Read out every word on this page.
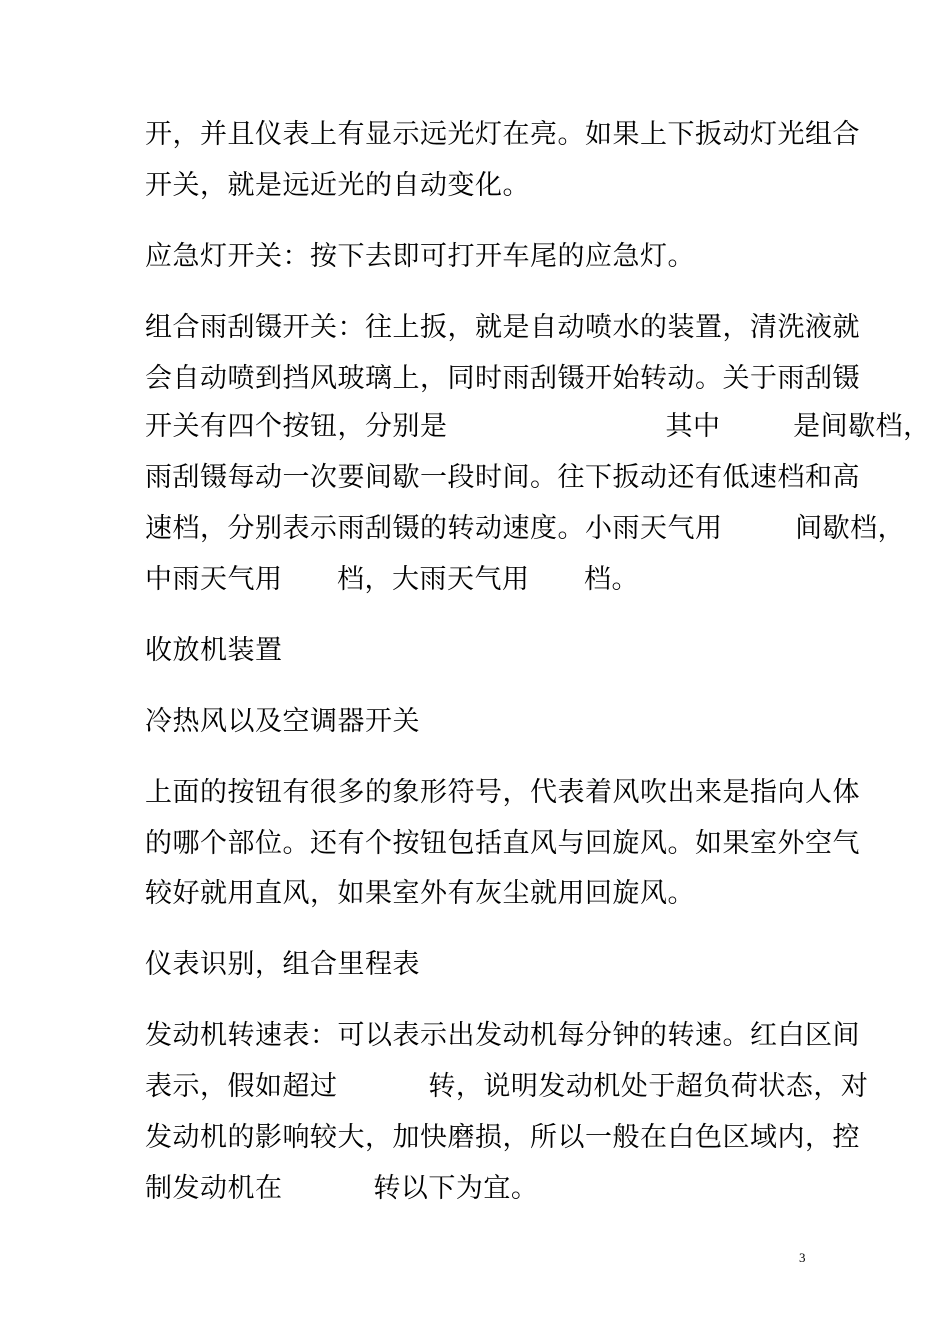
开，并且仪表上有显示远光灯在亮。如果上下扳动灯光组合
开关，就是远近光的自动变化。
应急灯开关：按下去即可打开车尾的应急灯。
组合雨刮镊开关：往上扳，就是自动喷水的装置，清洗液就
会自动喷到挡风玻璃上，同时雨刮镊开始转动。关于雨刮镊
开关有四个按钮，分别是                        其中        是间歇档，
雨刮镊每动一次要间歇一段时间。往下扳动还有低速档和高
速档，分别表示雨刮镊的转动速度。小雨天气用        间歇档，
中雨天气用      档，大雨天气用      档。
收放机装置
冷热风以及空调器开关
上面的按钮有很多的象形符号，代表着风吹出来是指向人体
的哪个部位。还有个按钮包括直风与回旋风。如果室外空气
较好就用直风，如果室外有灰尘就用回旋风。
仪表识别，组合里程表
发动机转速表：可以表示出发动机每分钟的转速。红白区间
表示，假如超过          转，说明发动机处于超负荷状态，对
发动机的影响较大，加快磨损，所以一般在白色区域内，控
制发动机在          转以下为宜。
3
